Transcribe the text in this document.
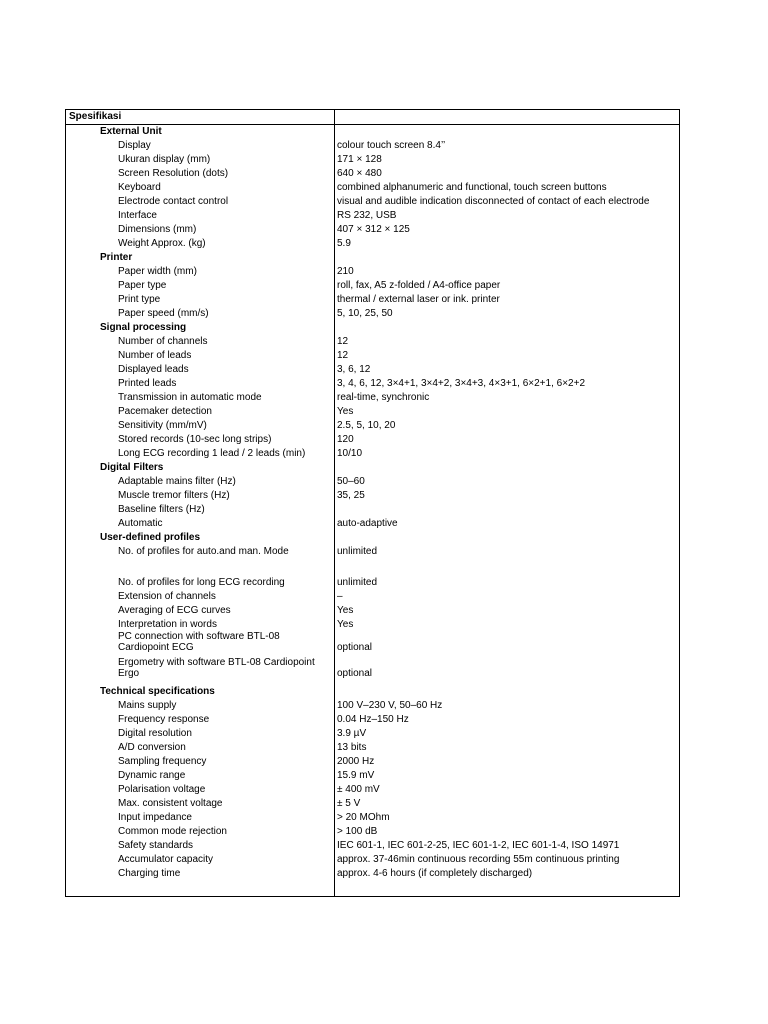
Spesifikasi
External Unit
Display	colour touch screen 8.4’’
Ukuran display (mm)	171 × 128
Screen Resolution (dots)	640 × 480
Keyboard	combined alphanumeric and functional, touch screen buttons
Electrode contact control	visual and audible indication disconnected of contact of each electrode
Interface	RS 232, USB
Dimensions (mm)	407 × 312 × 125
Weight Approx. (kg)	5.9
Printer
Paper width (mm)	210
Paper type	roll, fax, A5 z-folded / A4-office paper
Print type	thermal / external laser or ink. printer
Paper speed (mm/s)	5, 10, 25, 50
Signal processing
Number of channels	12
Number of leads	12
Displayed leads	3, 6, 12
Printed leads	3, 4, 6, 12, 3×4+1, 3×4+2, 3×4+3, 4×3+1, 6×2+1, 6×2+2
Transmission in automatic mode	real-time, synchronic
Pacemaker detection	Yes
Sensitivity (mm/mV)	2.5, 5, 10, 20
Stored records (10-sec long strips)	120
Long ECG recording 1 lead / 2 leads (min)	10/10
Digital Filters
Adaptable mains filter (Hz)	50–60
Muscle tremor filters (Hz)	35, 25
Baseline filters (Hz)
Automatic	auto-adaptive
User-defined profiles
No. of profiles for auto.and man. Mode	unlimited
No. of profiles for long ECG recording	unlimited
Extension of channels	–
Averaging of ECG curves	Yes
Interpretation in words	Yes
PC connection with software BTL-08
Cardiopoint ECG	optional
Ergometry with software BTL-08 Cardiopoint
Ergo	optional
Technical specifications
Mains supply	100 V–230 V, 50–60 Hz
Frequency response	0.04 Hz–150 Hz
Digital resolution	3.9 µV
A/D conversion	13 bits
Sampling frequency	2000 Hz
Dynamic range	15.9 mV
Polarisation voltage	± 400 mV
Max. consistent voltage	± 5 V
Input impedance	> 20 MOhm
Common mode rejection	> 100 dB
Safety standards	IEC 601-1, IEC 601-2-25, IEC 601-1-2, IEC 601-1-4, ISO 14971
Accumulator capacity	approx. 37-46min continuous recording 55m continuous printing
Charging time	approx. 4-6 hours (if completely discharged)
